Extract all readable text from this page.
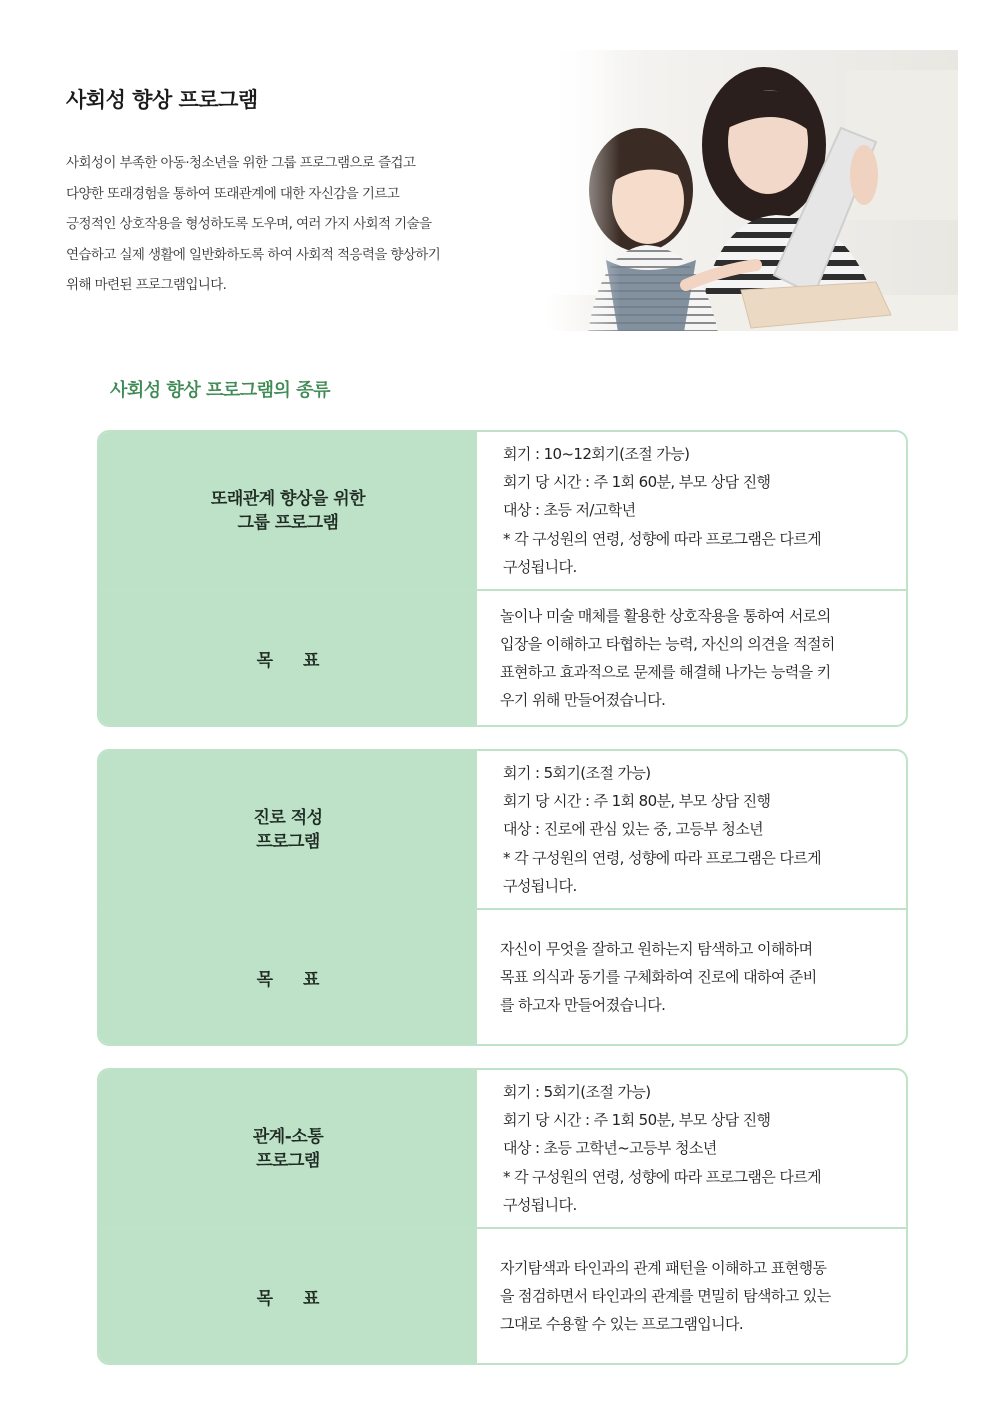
사회성 향상 프로그램
사회성이 부족한 아동·청소년을 위한 그룹 프로그램으로 즐겁고
다양한 또래경험을 통하여 또래관계에 대한 자신감을 기르고
긍정적인 상호작용을 형성하도록 도우며, 여러 가지 사회적 기술을
연습하고 실제 생활에 일반화하도록 하여 사회적 적응력을 향상하기
위해 마련된 프로그램입니다.
사회성 향상 프로그램의 종류
또래관계 향상을 위한
그룹 프로그램
회기 : 10~12회기(조절 가능)
회기 당 시간 : 주 1회 60분, 부모 상담 진행
대상 : 초등 저/고학년
* 각 구성원의 연령, 성향에 따라 프로그램은 다르게
구성됩니다.
목 표
놀이나 미술 매체를 활용한 상호작용을 통하여 서로의
입장을 이해하고 타협하는 능력, 자신의 의견을 적절히
표현하고 효과적으로 문제를 해결해 나가는 능력을 키
우기 위해 만들어졌습니다.
진로 적성
프로그램
회기 : 5회기(조절 가능)
회기 당 시간 : 주 1회 80분, 부모 상담 진행
대상 : 진로에 관심 있는 중, 고등부 청소년
* 각 구성원의 연령, 성향에 따라 프로그램은 다르게
구성됩니다.
목 표
자신이 무엇을 잘하고 원하는지 탐색하고 이해하며
목표 의식과 동기를 구체화하여 진로에 대하여 준비
를 하고자 만들어졌습니다.
관계-소통
프로그램
회기 : 5회기(조절 가능)
회기 당 시간 : 주 1회 50분, 부모 상담 진행
대상 : 초등 고학년~고등부 청소년
* 각 구성원의 연령, 성향에 따라 프로그램은 다르게
구성됩니다.
목 표
자기탐색과 타인과의 관계 패턴을 이해하고 표현행동
을 점검하면서 타인과의 관계를 면밀히 탐색하고 있는
그대로 수용할 수 있는 프로그램입니다.
